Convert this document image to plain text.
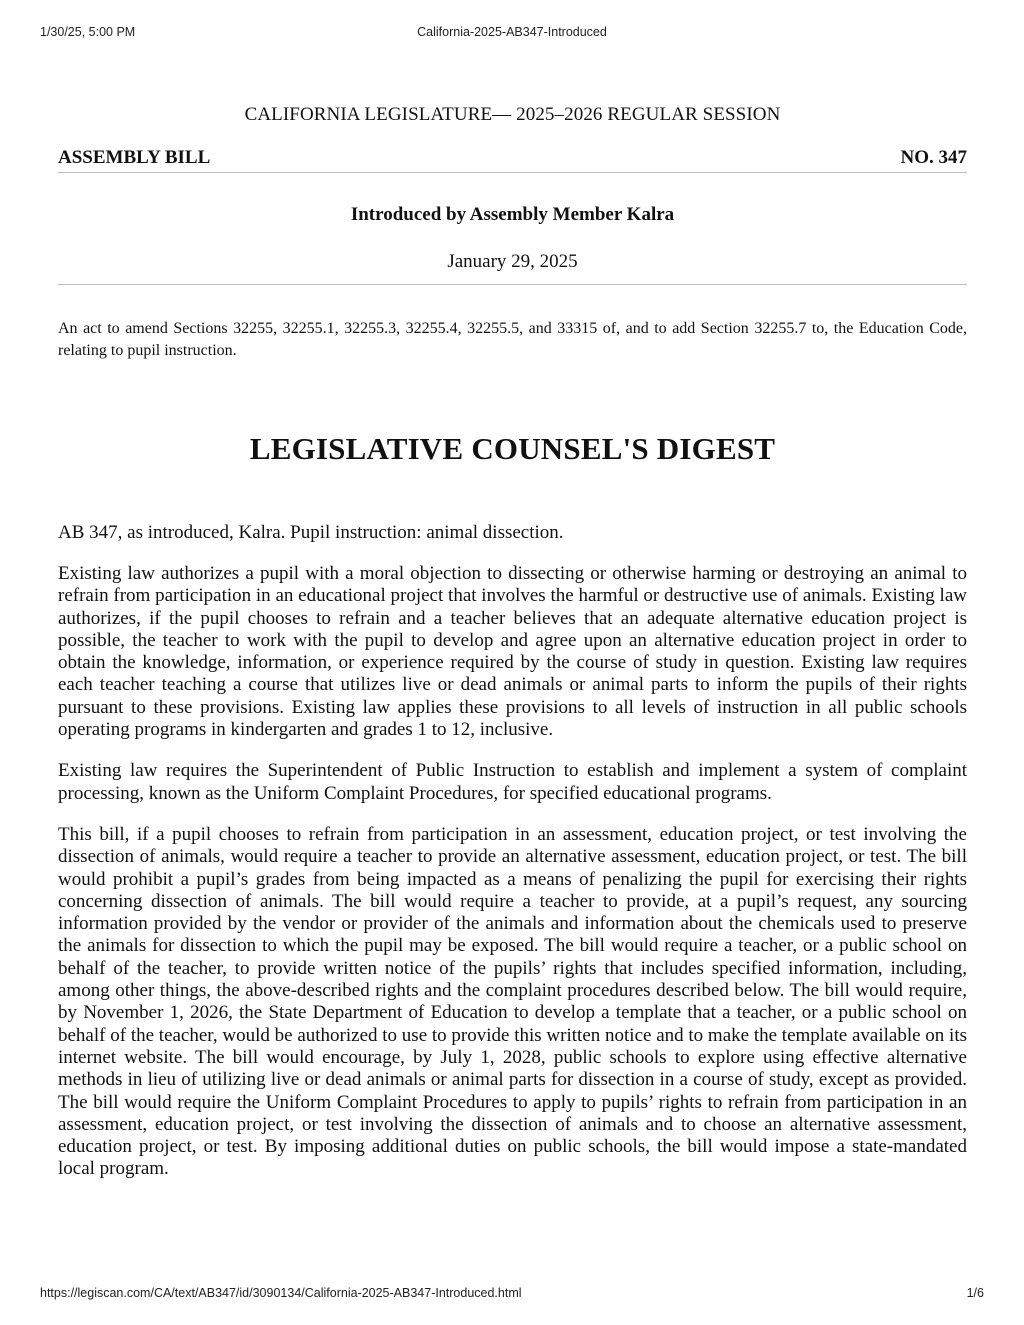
1/30/25, 5:00 PM	California-2025-AB347-Introduced
CALIFORNIA LEGISLATURE— 2025–2026 REGULAR SESSION
ASSEMBLY BILL	NO. 347
Introduced by Assembly Member Kalra
January 29, 2025
An act to amend Sections 32255, 32255.1, 32255.3, 32255.4, 32255.5, and 33315 of, and to add Section 32255.7 to, the Education Code, relating to pupil instruction.
LEGISLATIVE COUNSEL'S DIGEST
AB 347, as introduced, Kalra. Pupil instruction: animal dissection.
Existing law authorizes a pupil with a moral objection to dissecting or otherwise harming or destroying an animal to refrain from participation in an educational project that involves the harmful or destructive use of animals. Existing law authorizes, if the pupil chooses to refrain and a teacher believes that an adequate alternative education project is possible, the teacher to work with the pupil to develop and agree upon an alternative education project in order to obtain the knowledge, information, or experience required by the course of study in question. Existing law requires each teacher teaching a course that utilizes live or dead animals or animal parts to inform the pupils of their rights pursuant to these provisions. Existing law applies these provisions to all levels of instruction in all public schools operating programs in kindergarten and grades 1 to 12, inclusive.
Existing law requires the Superintendent of Public Instruction to establish and implement a system of complaint processing, known as the Uniform Complaint Procedures, for specified educational programs.
This bill, if a pupil chooses to refrain from participation in an assessment, education project, or test involving the dissection of animals, would require a teacher to provide an alternative assessment, education project, or test. The bill would prohibit a pupil’s grades from being impacted as a means of penalizing the pupil for exercising their rights concerning dissection of animals. The bill would require a teacher to provide, at a pupil’s request, any sourcing information provided by the vendor or provider of the animals and information about the chemicals used to preserve the animals for dissection to which the pupil may be exposed. The bill would require a teacher, or a public school on behalf of the teacher, to provide written notice of the pupils’ rights that includes specified information, including, among other things, the above-described rights and the complaint procedures described below. The bill would require, by November 1, 2026, the State Department of Education to develop a template that a teacher, or a public school on behalf of the teacher, would be authorized to use to provide this written notice and to make the template available on its internet website. The bill would encourage, by July 1, 2028, public schools to explore using effective alternative methods in lieu of utilizing live or dead animals or animal parts for dissection in a course of study, except as provided. The bill would require the Uniform Complaint Procedures to apply to pupils’ rights to refrain from participation in an assessment, education project, or test involving the dissection of animals and to choose an alternative assessment, education project, or test. By imposing additional duties on public schools, the bill would impose a state-mandated local program.
https://legiscan.com/CA/text/AB347/id/3090134/California-2025-AB347-Introduced.html	1/6
